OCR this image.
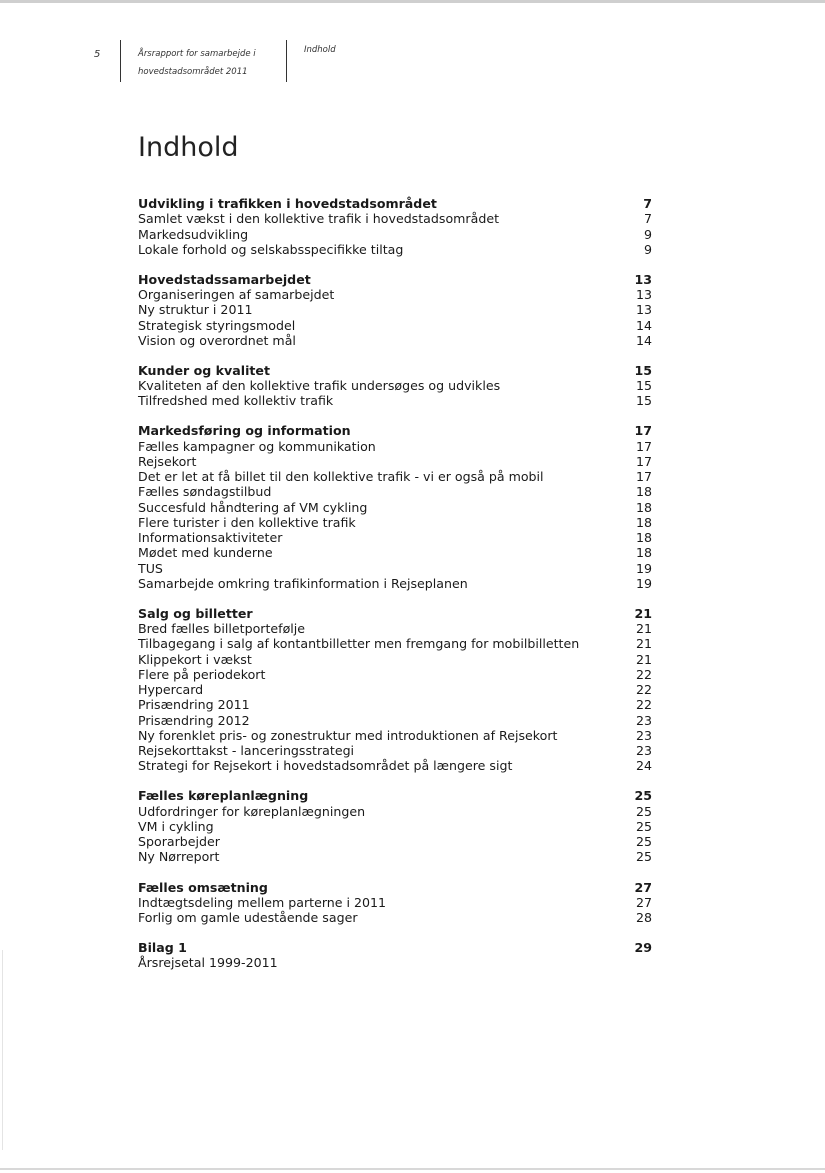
5	Årsrapport for samarbejde i
hovedstadsområdet 2011
Indhold
Indhold
Udvikling i trafikken i hovedstadsområdet	7
Samlet vækst i den kollektive trafik i hovedstadsområdet	7
Markedsudvikling	9
Lokale forhold og selskabsspecifikke tiltag	9
Hovedstadssamarbejdet	13
Organiseringen af samarbejdet	13
Ny struktur i 2011	13
Strategisk styringsmodel	14
Vision og overordnet mål	14
Kunder og kvalitet	15
Kvaliteten af den kollektive trafik undersøges og udvikles	15
Tilfredshed med kollektiv trafik	15
Markedsføring og information	17
Fælles kampagner og kommunikation	17
Rejsekort	17
Det er let at få billet til den kollektive trafik - vi er også på mobil	17
Fælles søndagstilbud	18
Succesfuld håndtering af VM cykling	18
Flere turister i den kollektive trafik	18
Informationsaktiviteter	18
Mødet med kunderne	18
TUS	19
Samarbejde omkring trafikinformation i Rejseplanen	19
Salg og billetter	21
Bred fælles billetportefølje	21
Tilbagegang i salg af kontantbilletter men fremgang for mobilbilletten	21
Klippekort i vækst	21
Flere på periodekort	22
Hypercard	22
Prisændring 2011	22
Prisændring 2012	23
Ny forenklet pris- og zonestruktur med introduktionen af Rejsekort	23
Rejsekorttakst - lanceringsstrategi	23
Strategi for Rejsekort i hovedstadsområdet på længere sigt	24
Fælles køreplanlægning	25
Udfordringer for køreplanlægningen	25
VM i cykling	25
Sporarbejder	25
Ny Nørreport	25
Fælles omsætning	27
Indtægtsdeling mellem parterne i 2011	27
Forlig om gamle udestående sager	28
Bilag 1	29
Årsrejsetal 1999-2011
